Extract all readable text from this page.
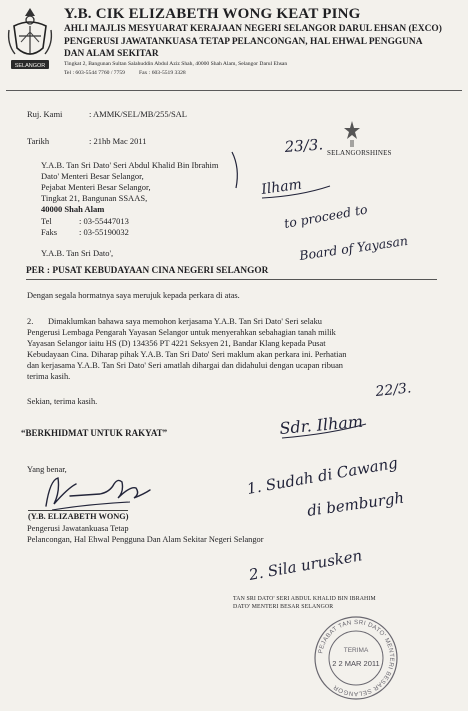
SELANGOR
Y.B. CIK ELIZABETH WONG KEAT PING
AHLI MAJLIS MESYUARAT KERAJAAN NEGERI SELANGOR DARUL EHSAN (EXCO)
PENGERUSI JAWATANKUASA TETAP PELANCONGAN, HAL EHWAL PENGGUNA
DAN ALAM SEKITAR
Tingkat 2, Bangunan Sultan Salahuddin Abdul Aziz Shah, 40000 Shah Alam, Selangor Darul Ehsan
Tel : 603-5544 7760 / 7759          Fax : 603-5519 3328
Ruj. Kami	: AMMK/SEL/MB/255/SAL
Tarikh	: 21hb Mac 2011
Y.A.B. Tan Sri Dato' Seri Abdul Khalid Bin Ibrahim
Dato' Menteri Besar Selangor,
Pejabat Menteri Besar Selangor,
Tingkat 21, Bangunan SSAAS,
40000 Shah Alam
Tel	: 03-55447013
Faks	: 03-55190032
Y.A.B. Tan Sri Dato',
SELANGORSHINES
PER : PUSAT KEBUDAYAAN CINA NEGERI SELANGOR
Dengan segala hormatnya saya merujuk kepada perkara di atas.
2.       Dimaklumkan bahawa saya memohon kerjasama Y.A.B. Tan Sri Dato' Seri selaku
Pengerusi Lembaga Pengarah Yayasan Selangor untuk menyerahkan sebahagian tanah milik
Yayasan Selangor iaitu HS (D) 134356 PT 4221 Seksyen 21, Bandar Klang kepada Pusat
Kebudayaan Cina. Diharap pihak Y.A.B. Tan Sri Dato' Seri maklum akan perkara ini. Perhatian
dan kerjasama Y.A.B. Tan Sri Dato' Seri amatlah dihargai dan didahului dengan ucapan ribuan
terima kasih.
Sekian, terima kasih.
“BERKHIDMAT UNTUK RAKYAT”
Yang benar,
(Y.B. ELIZABETH WONG)
Pengerusi Jawatankuasa Tetap
Pelancongan, Hal Ehwal Pengguna Dan Alam Sekitar Negeri Selangor
TAN SRI DATO' SERI ABDUL KHALID BIN IBRAHIM
DATO' MENTERI BESAR SELANGOR
23/3.
Ilham
to proceed to
Board of Yayasan
22/3.
Sdr. Ilham
1. Sudah di Cawang
di bemburgh
2. Sila urusken
PEJABAT TAN SRI DATO' MENTERI BESAR SELANGOR
TERIMA
2 2 MAR 2011
